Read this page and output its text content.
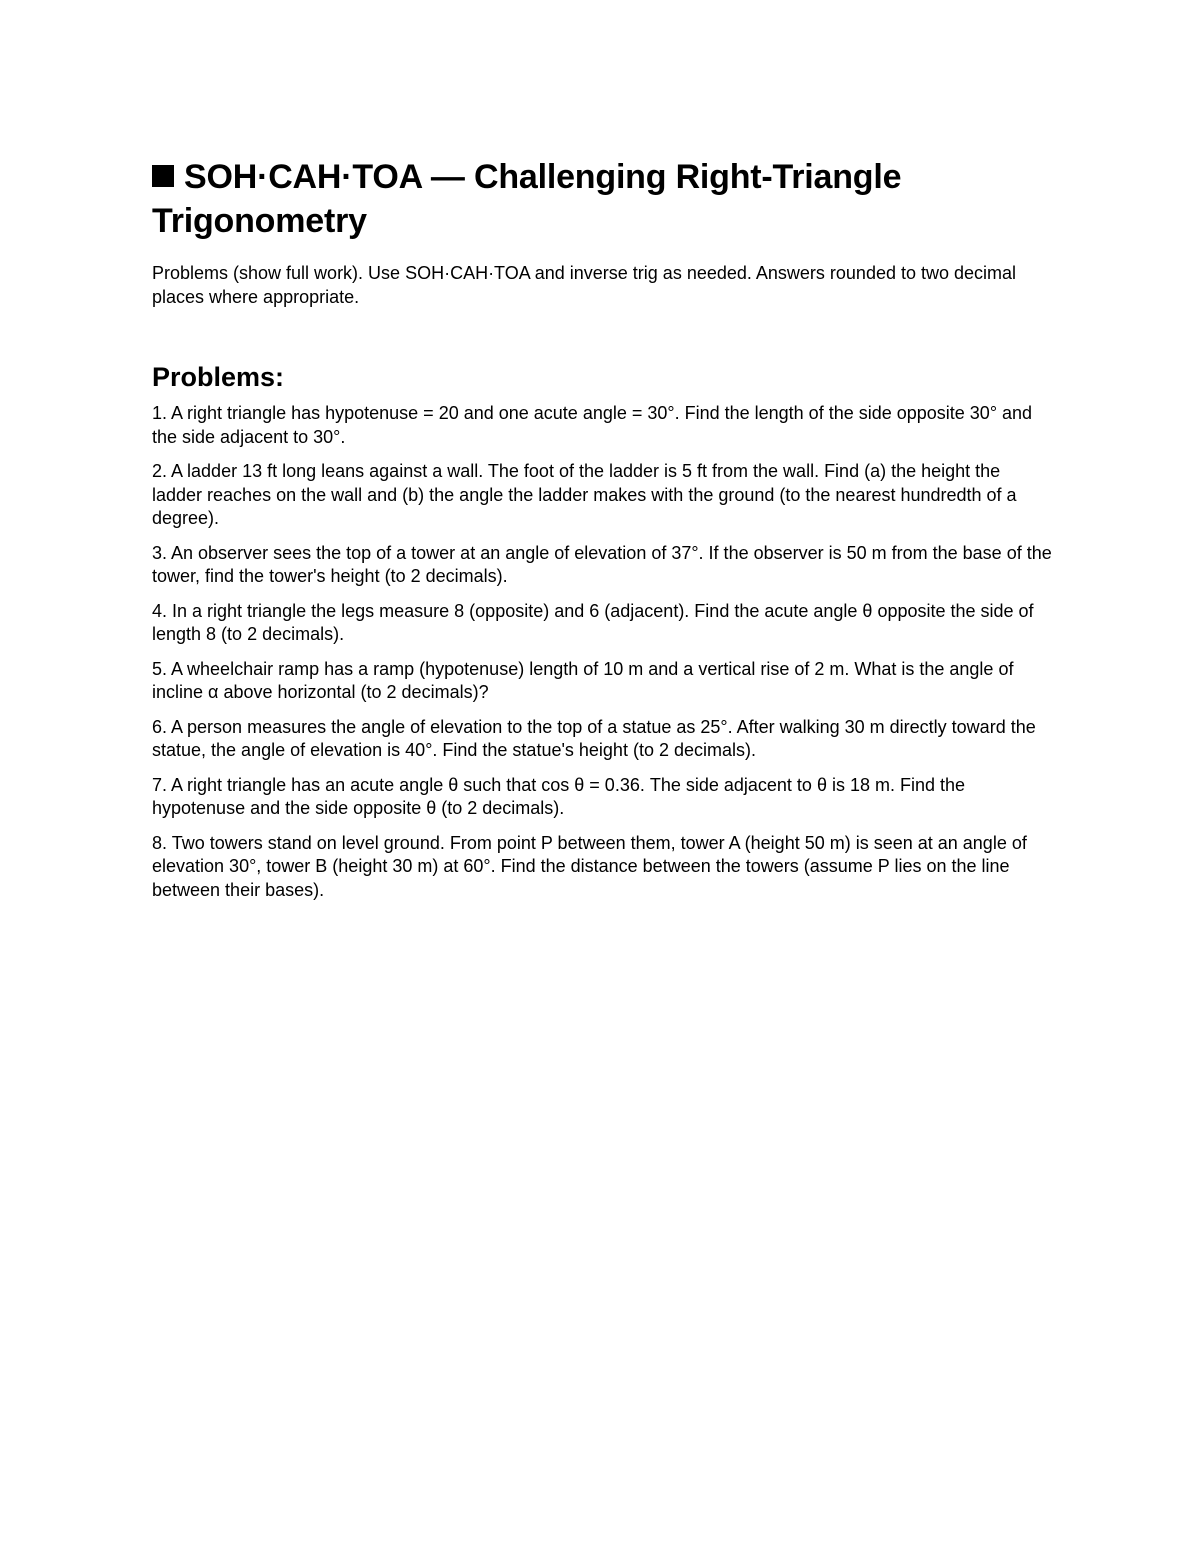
SOH·CAH·TOA — Challenging Right-Triangle Trigonometry

Problems (show full work). Use SOH·CAH·TOA and inverse trig as needed. Answers rounded to two decimal places where appropriate.

Problems:
1. A right triangle has hypotenuse = 20 and one acute angle = 30°. Find the length of the side opposite 30° and the side adjacent to 30°.
2. A ladder 13 ft long leans against a wall. The foot of the ladder is 5 ft from the wall. Find (a) the height the ladder reaches on the wall and (b) the angle the ladder makes with the ground (to the nearest hundredth of a degree).
3. An observer sees the top of a tower at an angle of elevation of 37°. If the observer is 50 m from the base of the tower, find the tower's height (to 2 decimals).
4. In a right triangle the legs measure 8 (opposite) and 6 (adjacent). Find the acute angle θ opposite the side of length 8 (to 2 decimals).
5. A wheelchair ramp has a ramp (hypotenuse) length of 10 m and a vertical rise of 2 m. What is the angle of incline α above horizontal (to 2 decimals)?
6. A person measures the angle of elevation to the top of a statue as 25°. After walking 30 m directly toward the statue, the angle of elevation is 40°. Find the statue's height (to 2 decimals).
7. A right triangle has an acute angle θ such that cos θ = 0.36. The side adjacent to θ is 18 m. Find the hypotenuse and the side opposite θ (to 2 decimals).
8. Two towers stand on level ground. From point P between them, tower A (height 50 m) is seen at an angle of elevation 30°, tower B (height 30 m) at 60°. Find the distance between the towers (assume P lies on the line between their bases).
